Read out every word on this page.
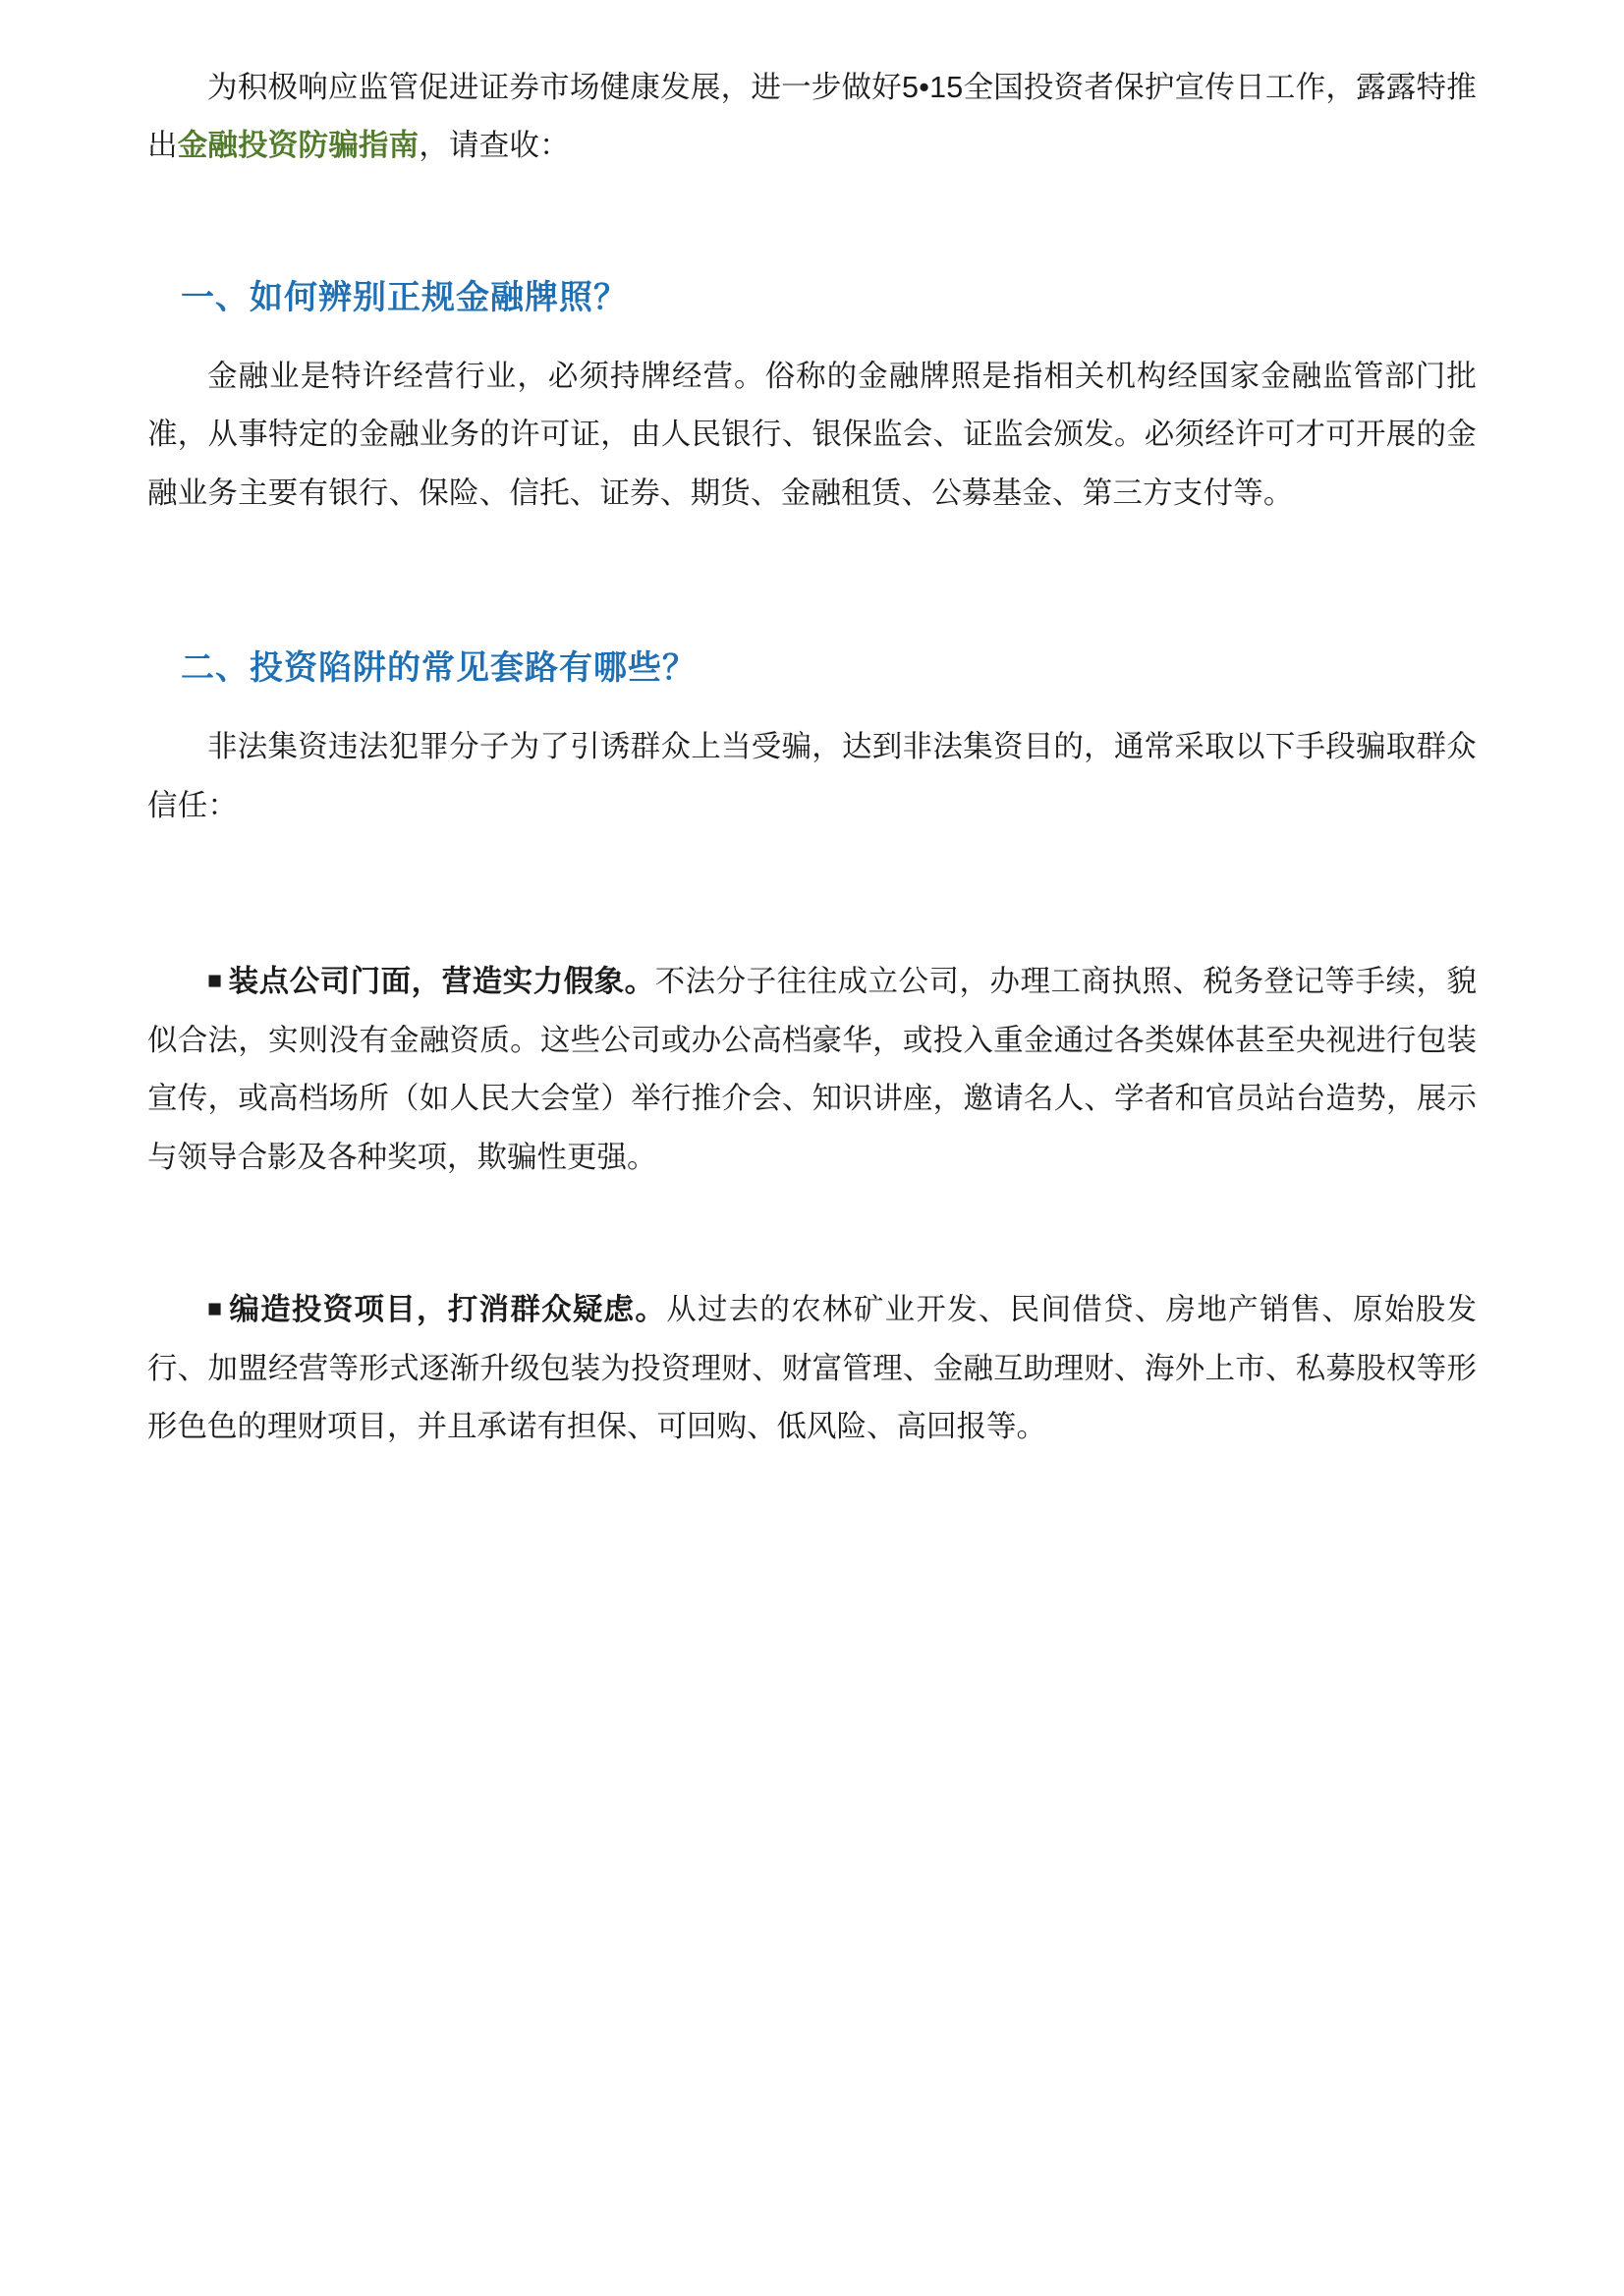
为积极响应监管促进证券市场健康发展，进一步做好5•15全国投资者保护宣传日工作，露露特推出金融投资防骗指南，请查收：

一、如何辨别正规金融牌照？

金融业是特许经营行业，必须持牌经营。俗称的金融牌照是指相关机构经国家金融监管部门批准，从事特定的金融业务的许可证，由人民银行、银保监会、证监会颁发。必须经许可才可开展的金融业务主要有银行、保险、信托、证券、期货、金融租赁、公募基金、第三方支付等。

二、投资陷阱的常见套路有哪些？

非法集资违法犯罪分子为了引诱群众上当受骗，达到非法集资目的，通常采取以下手段骗取群众信任：

■装点公司门面，营造实力假象。不法分子往往成立公司，办理工商执照、税务登记等手续，貌似合法，实则没有金融资质。这些公司或办公高档豪华，或投入重金通过各类媒体甚至央视进行包装宣传，或高档场所（如人民大会堂）举行推介会、知识讲座，邀请名人、学者和官员站台造势，展示与领导合影及各种奖项，欺骗性更强。

■编造投资项目，打消群众疑虑。从过去的农林矿业开发、民间借贷、房地产销售、原始股发行、加盟经营等形式逐渐升级包装为投资理财、财富管理、金融互助理财、海外上市、私募股权等形形色色的理财项目，并且承诺有担保、可回购、低风险、高回报等。
